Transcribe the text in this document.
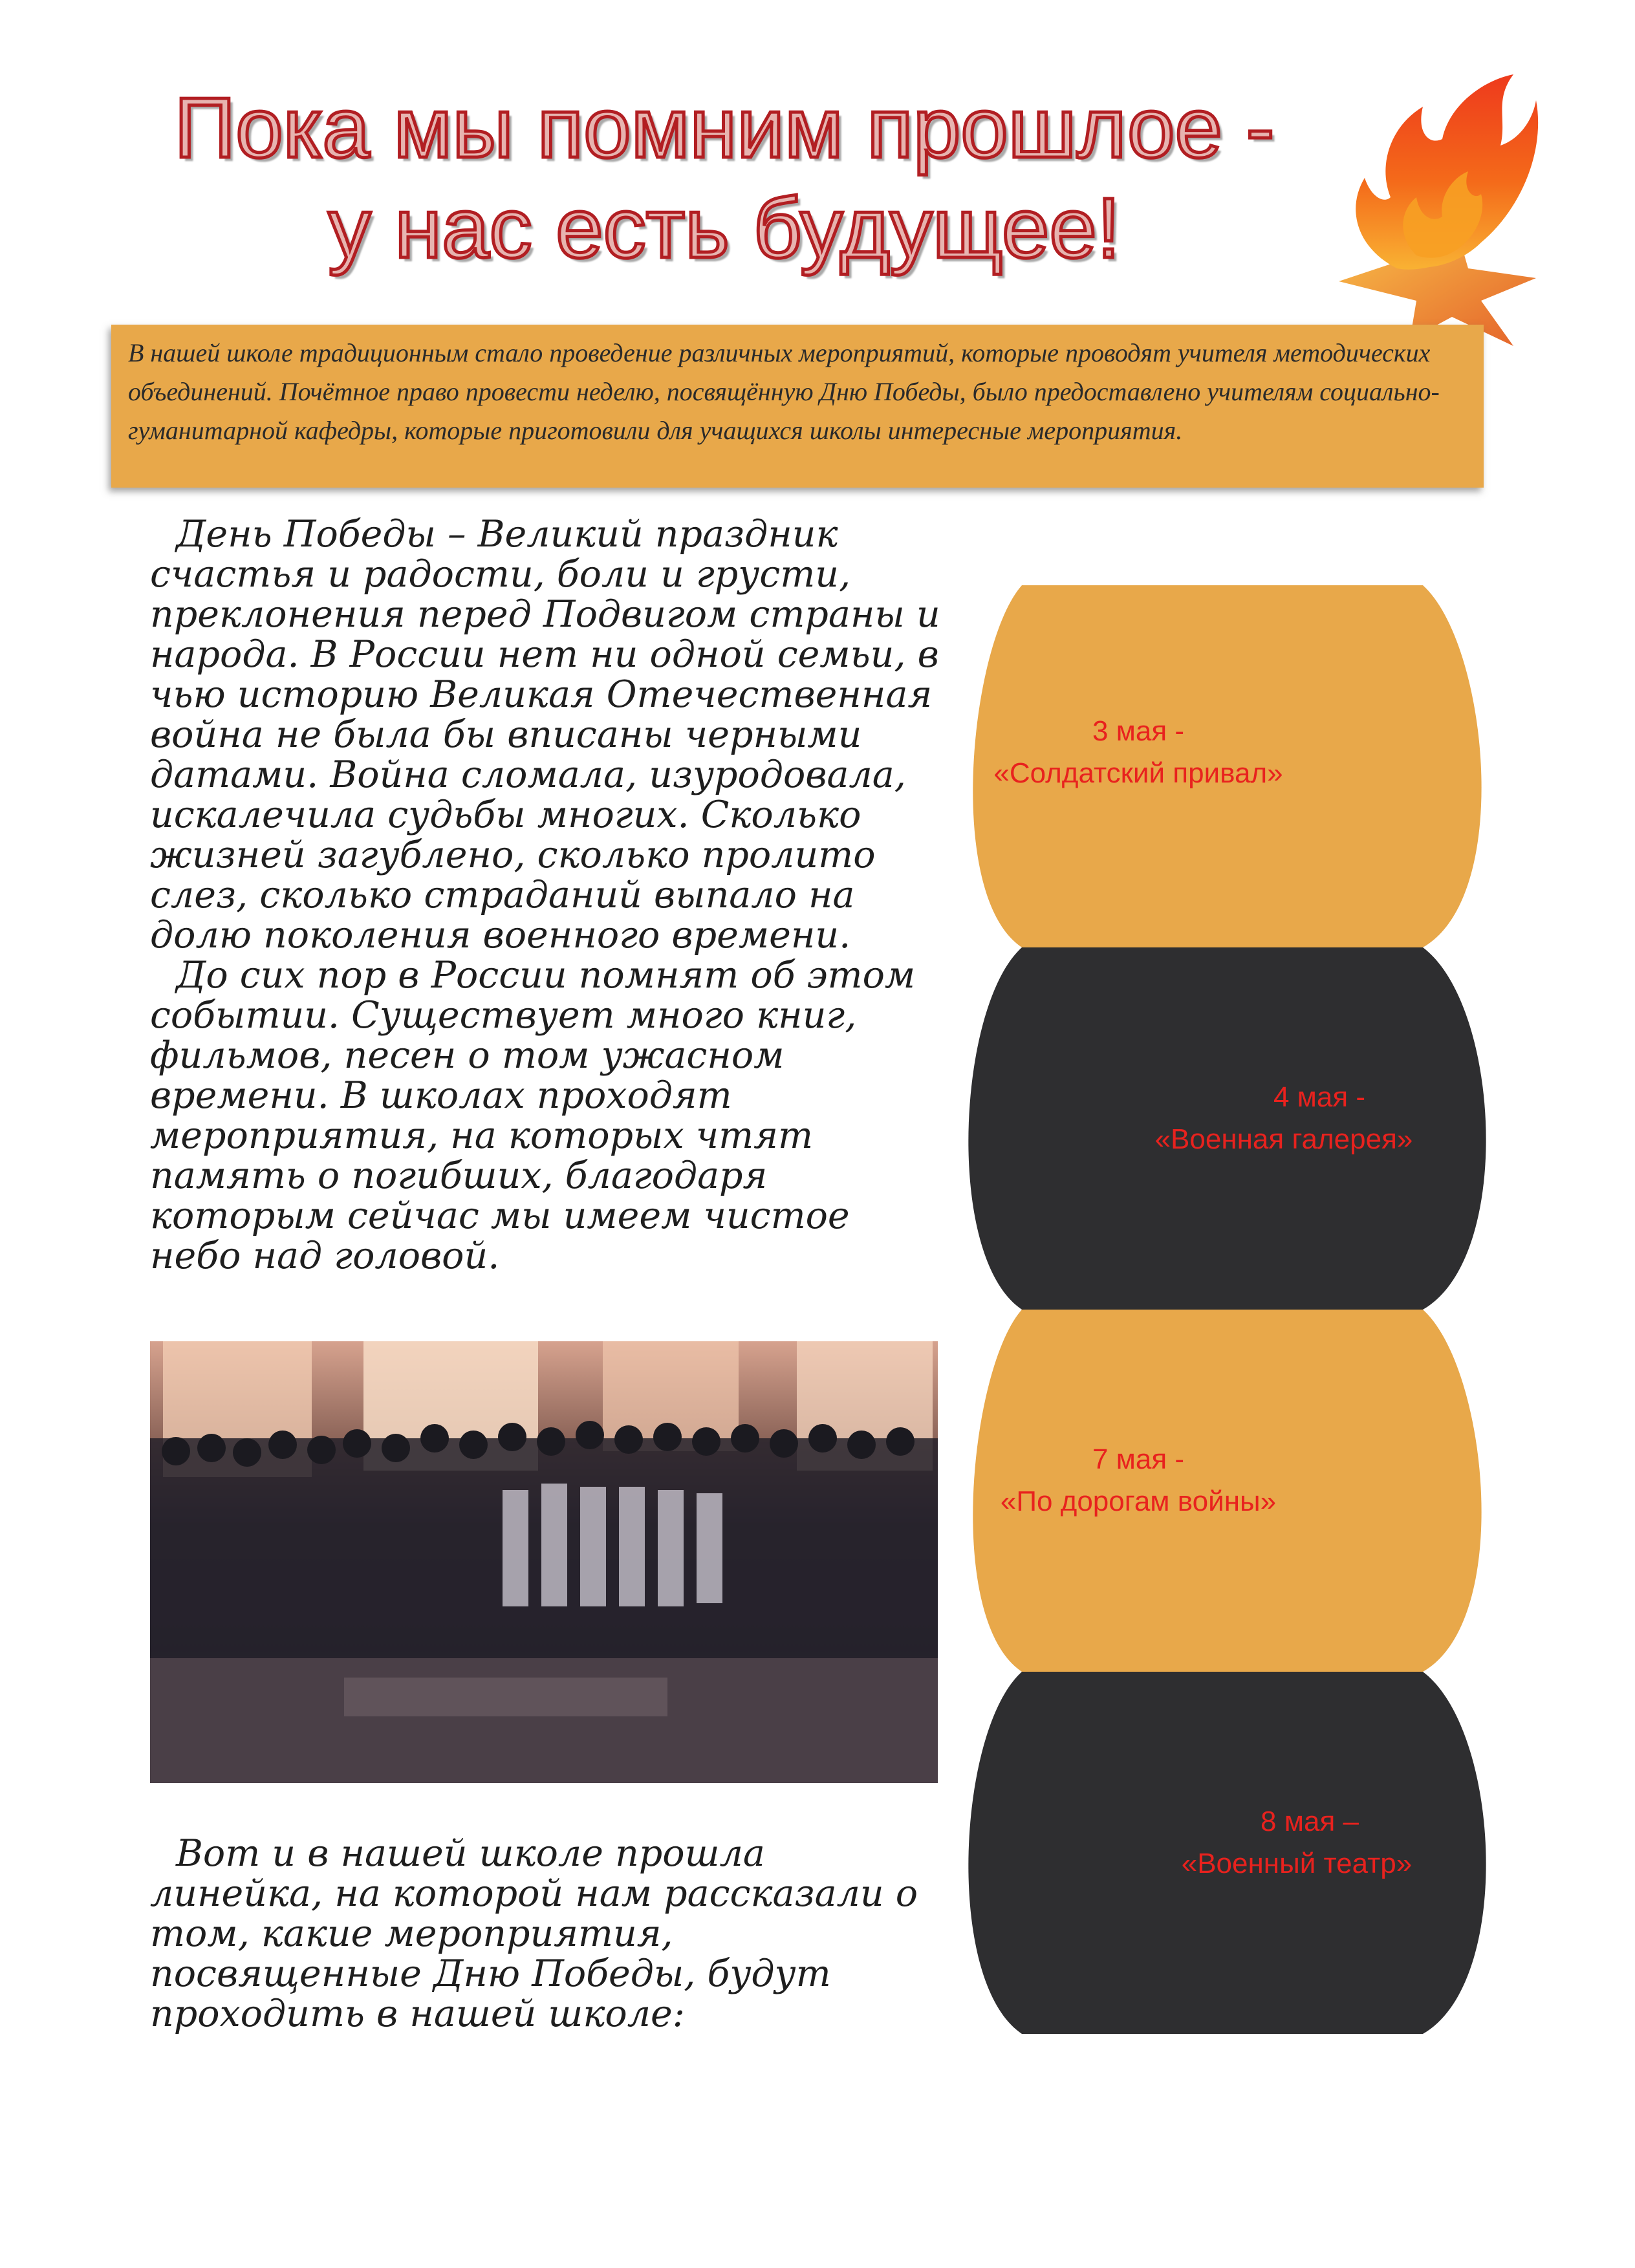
Пока мы помним прошлое -
у нас есть будущее!
В нашей школе традиционным стало проведение различных мероприятий, которые проводят учителя методических объединений. Почётное право провести неделю, посвящённую Дню Победы, было предоставлено учителям социально- гуманитарной кафедры, которые приготовили для учащихся школы интересные мероприятия.

День Победы – Великий праздник счастья и радости, боли и грусти, преклонения перед Подвигом страны и народа. В России нет ни одной семьи, в чью историю Великая Отечественная война не была бы вписаны черными датами. Война сломала, изуродовала, искалечила судьбы многих. Сколько жизней загублено, сколько пролито слез, сколько страданий выпало на долю поколения военного времени.

До сих пор в России помнят об этом событии. Существует много книг, фильмов, песен о том ужасном времени. В школах проходят мероприятия, на которых чтят память о погибших, благодаря которым сейчас мы имеем чистое небо над головой.

Вот и в нашей школе прошла линейка, на которой нам рассказали о том, какие мероприятия, посвященные Дню Победы, будут проходить в нашей школе:

3 мая -
«Солдатский привал»
4 мая -
«Военная галерея»
7 мая -
«По дорогам войны»
8 мая –
«Военный театр»
